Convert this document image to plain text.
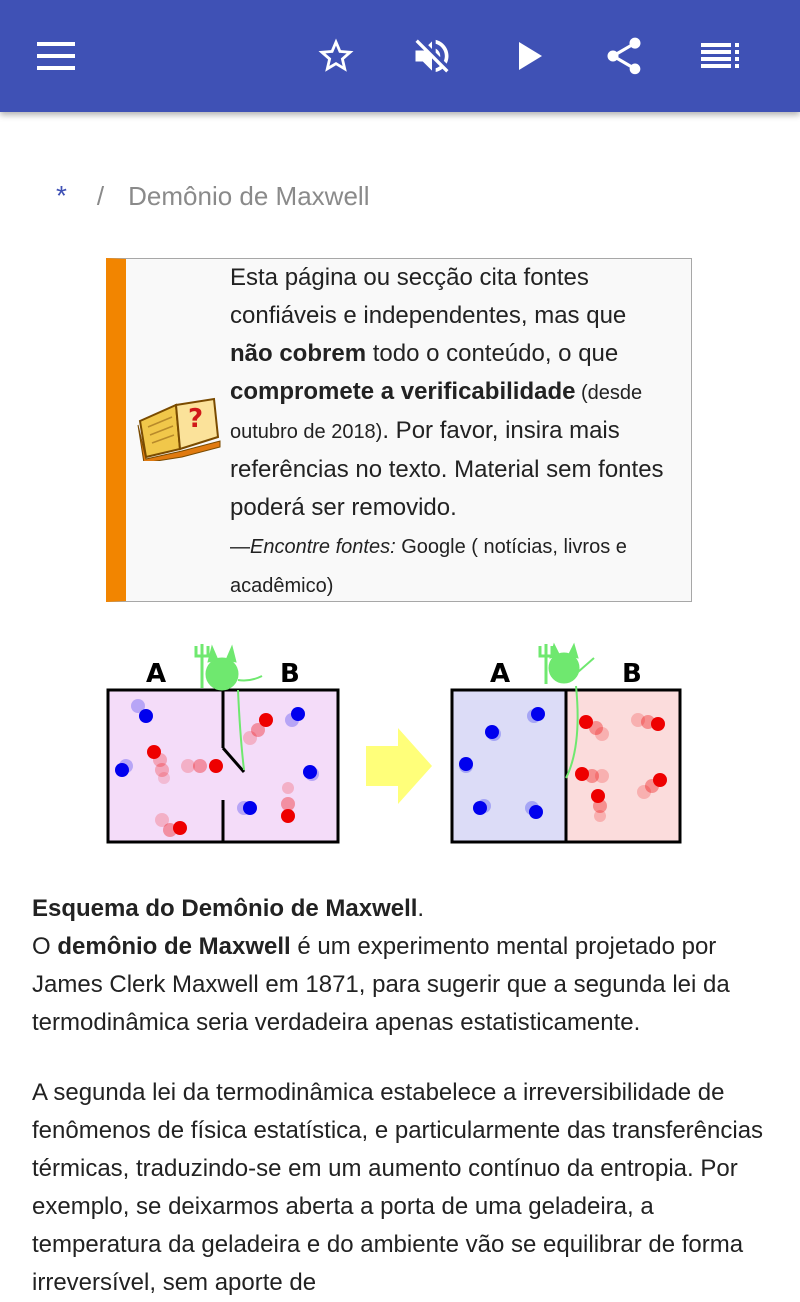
* / Demônio de Maxwell
?
Esta página ou secção cita fontes confiáveis e independentes, mas que não cobrem todo o conteúdo, o que compromete a verificabilidade (desde outubro de 2018). Por favor, insira mais referências no texto. Material sem fontes poderá ser removido.
—Encontre fontes: Google ( notícias, livros e acadêmico)
A	B	A	B
Esquema do Demônio de Maxwell.
O demônio de Maxwell é um experimento mental projetado por James Clerk Maxwell em 1871, para sugerir que a segunda lei da termodinâmica seria verdadeira apenas estatisticamente.
A segunda lei da termodinâmica estabelece a irreversibilidade de fenômenos de física estatística, e particularmente das transferências térmicas, traduzindo-se em um aumento contínuo da entropia. Por exemplo, se deixarmos aberta a porta de uma geladeira, a temperatura da geladeira e do ambiente vão se equilibrar de forma irreversível, sem aporte de
